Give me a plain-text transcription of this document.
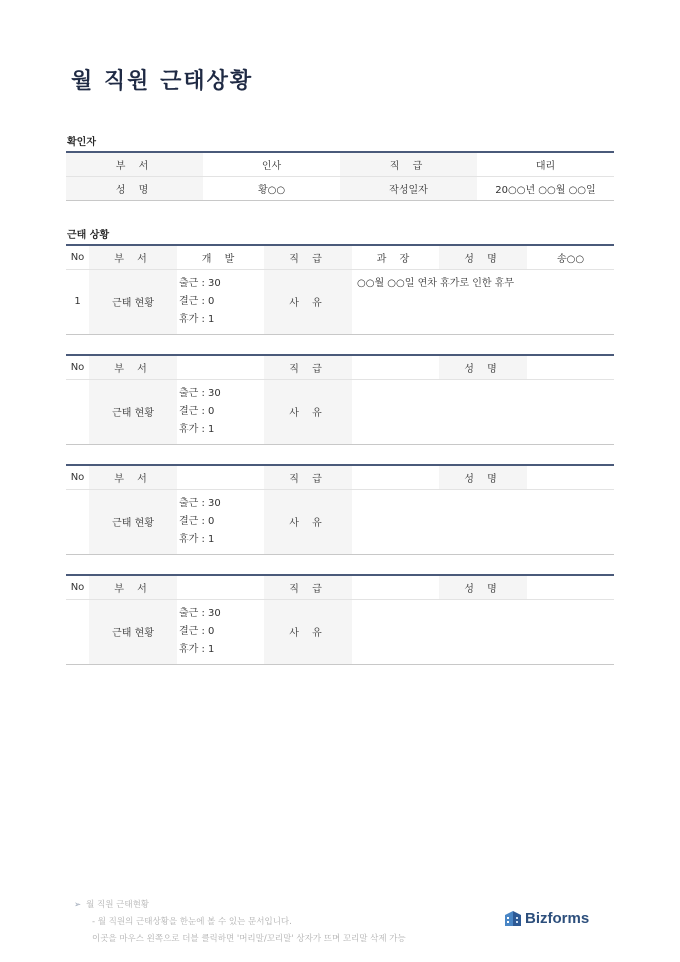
월 직원 근태상황
확인자
부 서	인사	직 급	대리
성 명	황○○	작성일자	20○○년 ○○월 ○○일
근태 상황
No	부 서	개 발	직 급	과 장	성 명	송○○
1	근태 현황	출근 : 30
결근 : 0
휴가 : 1	사 유	○○월 ○○일 연차 휴가로 인한 휴무		
No	부 서		직 급		성 명	
	근태 현황	출근 : 30
결근 : 0
휴가 : 1	사 유			
No	부 서		직 급		성 명	
	근태 현황	출근 : 30
결근 : 0
휴가 : 1	사 유			
No	부 서		직 급		성 명	
	근태 현황	출근 : 30
결근 : 0
휴가 : 1	사 유			
➢ 월 직원 근태현황
- 월 직원의 근태상황을 한눈에 볼 수 있는 문서입니다.
이곳을 마우스 왼쪽으로 더블 클릭하면 '머리말/꼬리말' 상자가 뜨며 꼬리말 삭제 가능
Bizforms
